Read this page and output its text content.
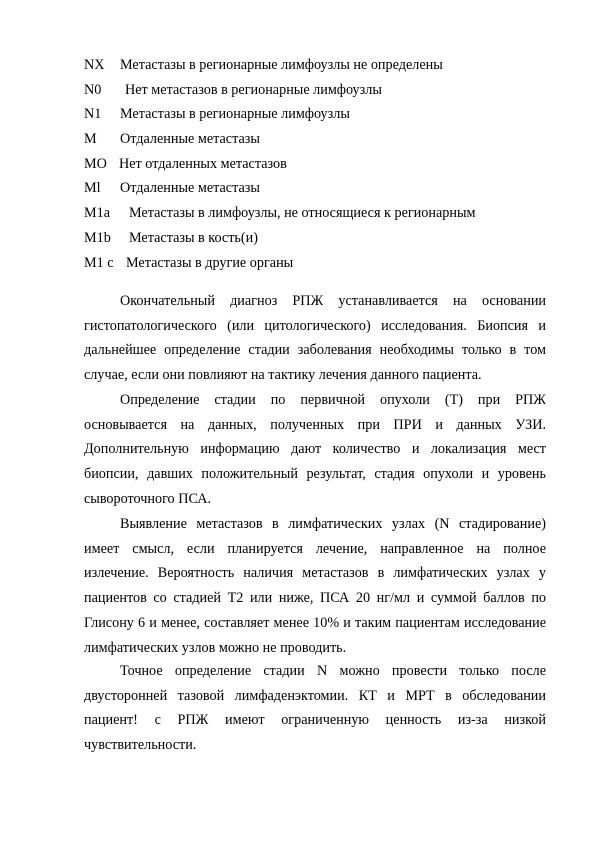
NX	Метастазы в регионарные лимфоузлы не определены
N0	Нет метастазов в регионарные лимфоузлы
N1	Метастазы в регионарные лимфоузлы
M	Отдаленные метастазы
MO Нет отдаленных метастазов
Ml	Отдаленные метастазы
M1a	Метастазы в лимфоузлы, не относящиеся к регионарным
M1b	Метастазы в кость(и)
M1 c Метастазы в другие органы

Окончательный диагноз РПЖ устанавливается на основании гистопатологического (или цитологического) исследования. Биопсия и дальнейшее определение стадии заболевания необходимы только в том случае, если они повлияют на тактику лечения данного пациента.

Определение стадии по первичной опухоли (Т) при РПЖ основывается на данных, полученных при ПРИ и данных УЗИ. Дополнительную информацию дают количество и локализация мест биопсии, давших положительный результат, стадия опухоли и уровень сывороточного ПСА.

Выявление метастазов в лимфатических узлах (N стадирование) имеет смысл, если планируется лечение, направленное на полное излечение. Вероятность наличия метастазов в лимфатических узлах у пациентов со стадией Т2 или ниже, ПСА 20 нг/мл и суммой баллов по Глисону 6 и менее, составляет менее 10% и таким пациентам исследование лимфатических узлов можно не проводить.

Точное определение стадии N можно провести только после двусторонней тазовой лимфаденэктомии. КТ и МРТ в обследовании пациент! с РПЖ имеют ограниченную ценность из-за низкой чувствительности.
